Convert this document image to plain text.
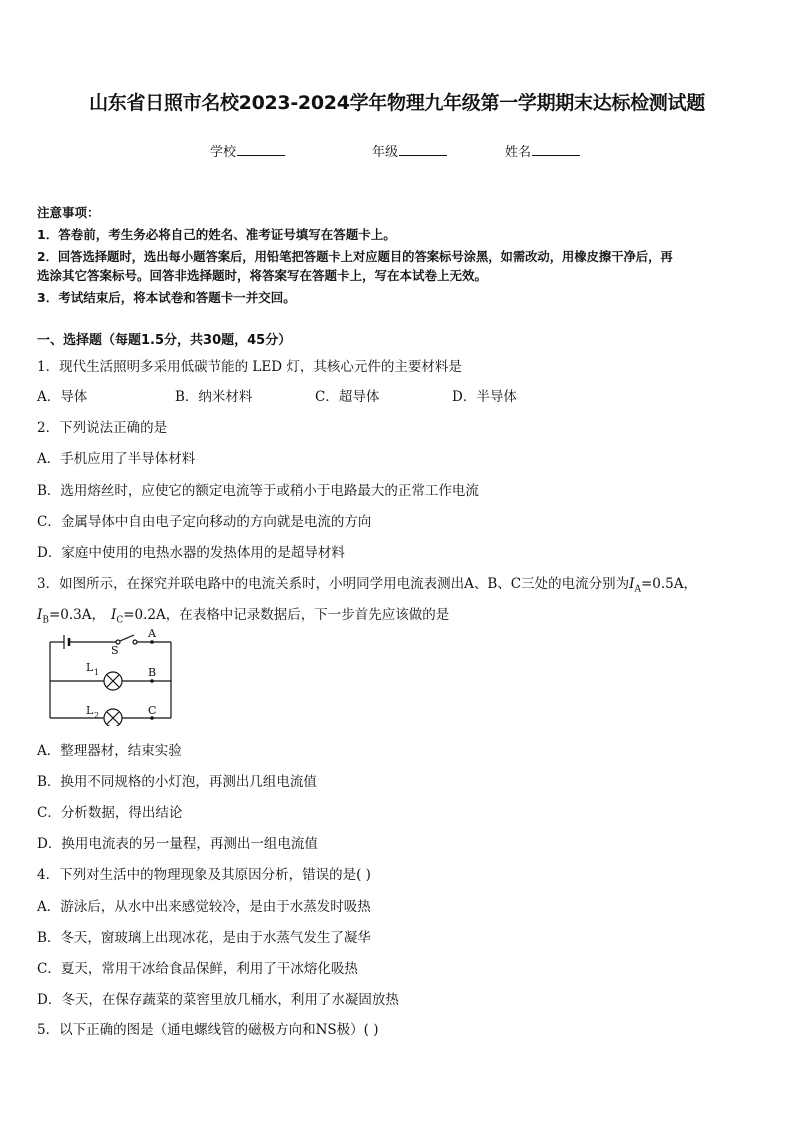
山东省日照市名校2023-2024学年物理九年级第一学期期末达标检测试题
学校	年级	姓名
注意事项：
1．答卷前，考生务必将自己的姓名、准考证号填写在答题卡上。
2．回答选择题时，选出每小题答案后，用铅笔把答题卡上对应题目的答案标号涂黑，如需改动，用橡皮擦干净后，再
选涂其它答案标号。回答非选择题时，将答案写在答题卡上，写在本试卷上无效。
3．考试结束后，将本试卷和答题卡一并交回。
一、选择题（每题1.5分，共30题，45分）
1．现代生活照明多采用低碳节能的 LED 灯，其核心元件的主要材料是
A．导体	B．纳米材料	C．超导体	D．半导体
2．下列说法正确的是
A．手机应用了半导体材料
B．选用熔丝时，应使它的额定电流等于或稍小于电路最大的正常工作电流
C．金属导体中自由电子定向移动的方向就是电流的方向
D．家庭中使用的电热水器的发热体用的是超导材料
3．如图所示，在探究并联电路中的电流关系时，小明同学用电流表测出A、B、C三处的电流分别为$I_A=0.5A$，
$I_B=0.3A$， $I_C=0.2A$，在表格中记录数据后，下一步首先应该做的是
A
B
C
S
L 1
L 2
A．整理器材，结束实验
B．换用不同规格的小灯泡，再测出几组电流值
C．分析数据，得出结论
D．换用电流表的另一量程，再测出一组电流值
4．下列对生活中的物理现象及其原因分析，错误的是( )
A．游泳后，从水中出来感觉较冷，是由于水蒸发时吸热
B．冬天，窗玻璃上出现冰花，是由于水蒸气发生了凝华
C．夏天，常用干冰给食品保鲜，利用了干冰熔化吸热
D．冬天，在保存蔬菜的菜窖里放几桶水，利用了水凝固放热
5．以下正确的图是（通电螺线管的磁极方向和NS极）( )
